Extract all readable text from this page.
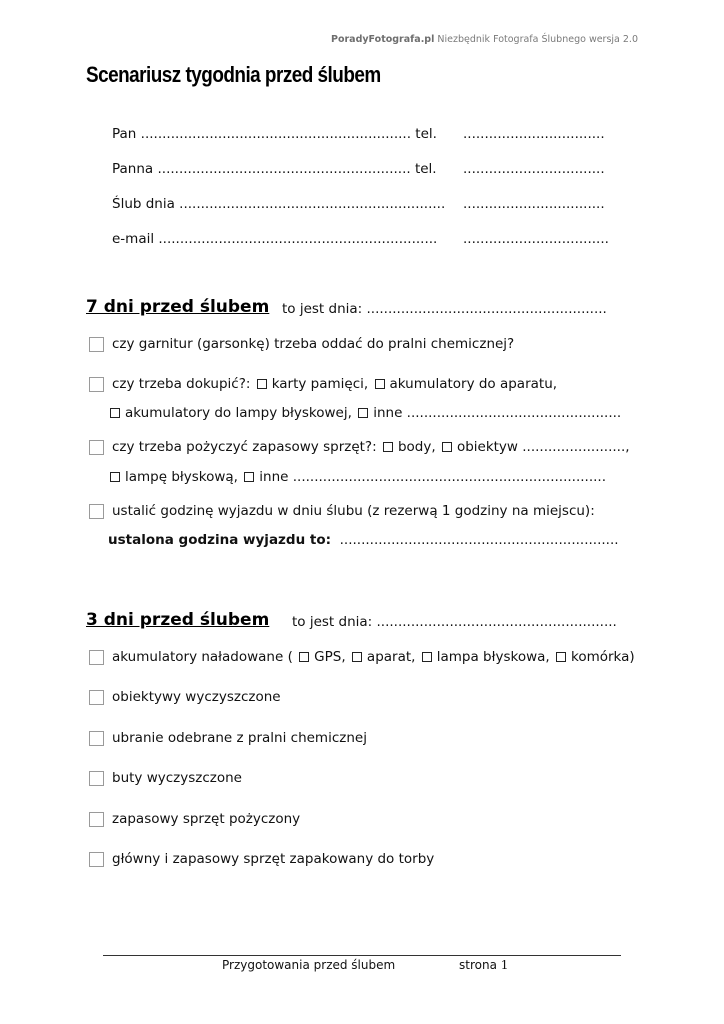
PoradyFotografa.pl Niezbędnik Fotografa Ślubnego wersja 2.0
Scenariusz tygodnia przed ślubem
Pan ............................................................... tel. .................................
Panna ........................................................... tel. .................................
Ślub dnia .............................................................. .................................
e-mail ................................................................. ..................................
7 dni przed ślubem to jest dnia: ........................................................
czy garnitur (garsonkę) trzeba oddać do pralni chemicznej?
czy trzeba dokupić?:
karty pamięci,
akumulatory do aparatu,
akumulatory do lampy błyskowej,
inne ..................................................
czy trzeba pożyczyć zapasowy sprzęt?:
body,
obiektyw ........................,
lampę błyskową,
inne .........................................................................
ustalić godzinę wyjazdu w dniu ślubu (z rezerwą 1 godziny na miejscu):
ustalona godzina wyjazdu to:
.................................................................
3 dni przed ślubem to jest dnia: ........................................................
akumulatory naładowane (
GPS,
aparat,
lampa błyskowa,
komórka)
obiektywy wyczyszczone
ubranie odebrane z pralni chemicznej
buty wyczyszczone
zapasowy sprzęt pożyczony
główny i zapasowy sprzęt zapakowany do torby
Przygotowania przed ślubem	strona 1
